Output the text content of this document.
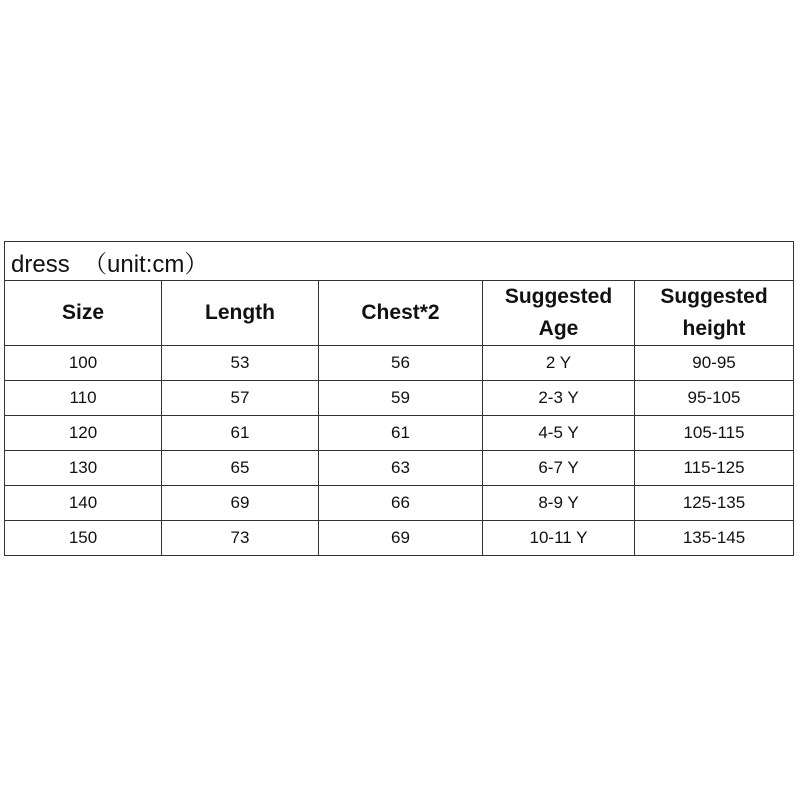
dress  （unit:cm）				
Size	Length	Chest*2	Suggested Age	Suggested height
100	53	56	2 Y	90-95
110	57	59	2-3 Y	95-105
120	61	61	4-5 Y	105-115
130	65	63	6-7 Y	115-125
140	69	66	8-9 Y	125-135
150	73	69	10-11 Y	135-145
